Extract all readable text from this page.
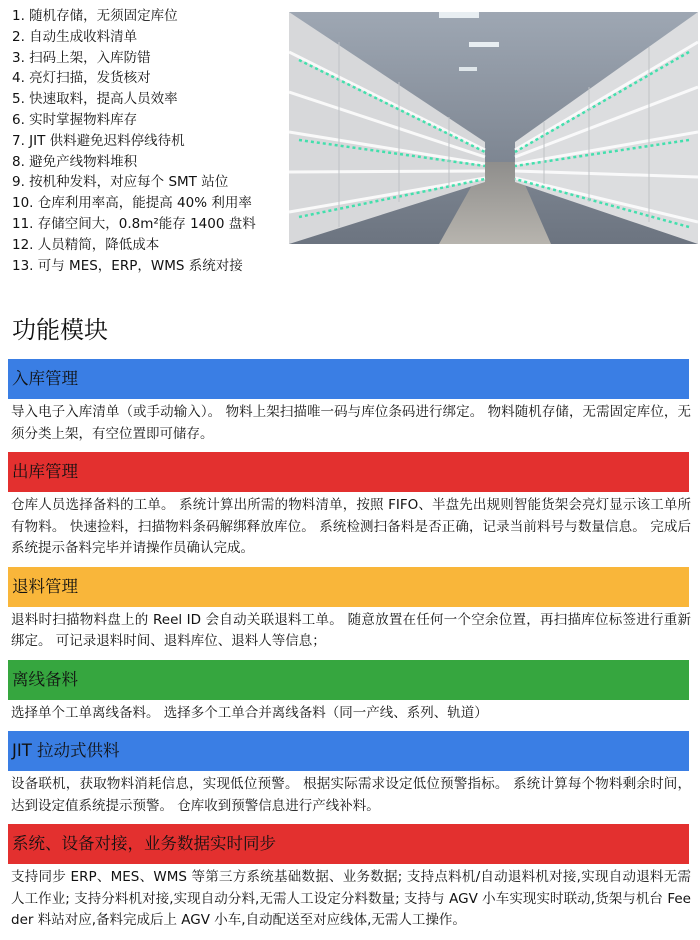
1. 随机存储，无须固定库位
2. 自动生成收料清单
3. 扫码上架，入库防错
4. 亮灯扫描，发货核对
5. 快速取料，提高人员效率
6. 实时掌握物料库存
7. JIT 供料避免迟料停线待机
8. 避免产线物料堆积
9. 按机种发料，对应每个 SMT 站位
10. 仓库利用率高，能提高 40% 利用率
11. 存储空间大，0.8m²能存 1400 盘料
12. 人员精简，降低成本
13. 可与 MES，ERP，WMS 系统对接
功能模块
入库管理
导入电子入库清单（或手动输入）。 物料上架扫描唯一码与库位条码进行绑定。 物料随机存储，无需固定库位，无须分类上架，有空位置即可储存。
出库管理
仓库人员选择备料的工单。 系统计算出所需的物料清单，按照 FIFO、半盘先出规则智能货架会亮灯显示该工单所有物料。 快速捡料，扫描物料条码解绑释放库位。 系统检测扫备料是否正确，记录当前料号与数量信息。 完成后系统提示备料完毕并请操作员确认完成。
退料管理
退料时扫描物料盘上的 Reel ID 会自动关联退料工单。 随意放置在任何一个空余位置，再扫描库位标签进行重新绑定。 可记录退料时间、退料库位、退料人等信息；
离线备料
选择单个工单离线备料。 选择多个工单合并离线备料（同一产线、系列、轨道）
JIT 拉动式供料
设备联机，获取物料消耗信息，实现低位预警。 根据实际需求设定低位预警指标。 系统计算每个物料剩余时间，达到设定值系统提示预警。 仓库收到预警信息进行产线补料。
系统、设备对接，业务数据实时同步
支持同步 ERP、MES、WMS 等第三方系统基础数据、业务数据; 支持点料机/自动退料机对接,实现自动退料无需人工作业; 支持分料机对接,实现自动分料,无需人工设定分料数量; 支持与 AGV 小车实现实时联动,货架与机台 Feeder 料站对应,备料完成后上 AGV 小车,自动配送至对应线体,无需人工操作。
